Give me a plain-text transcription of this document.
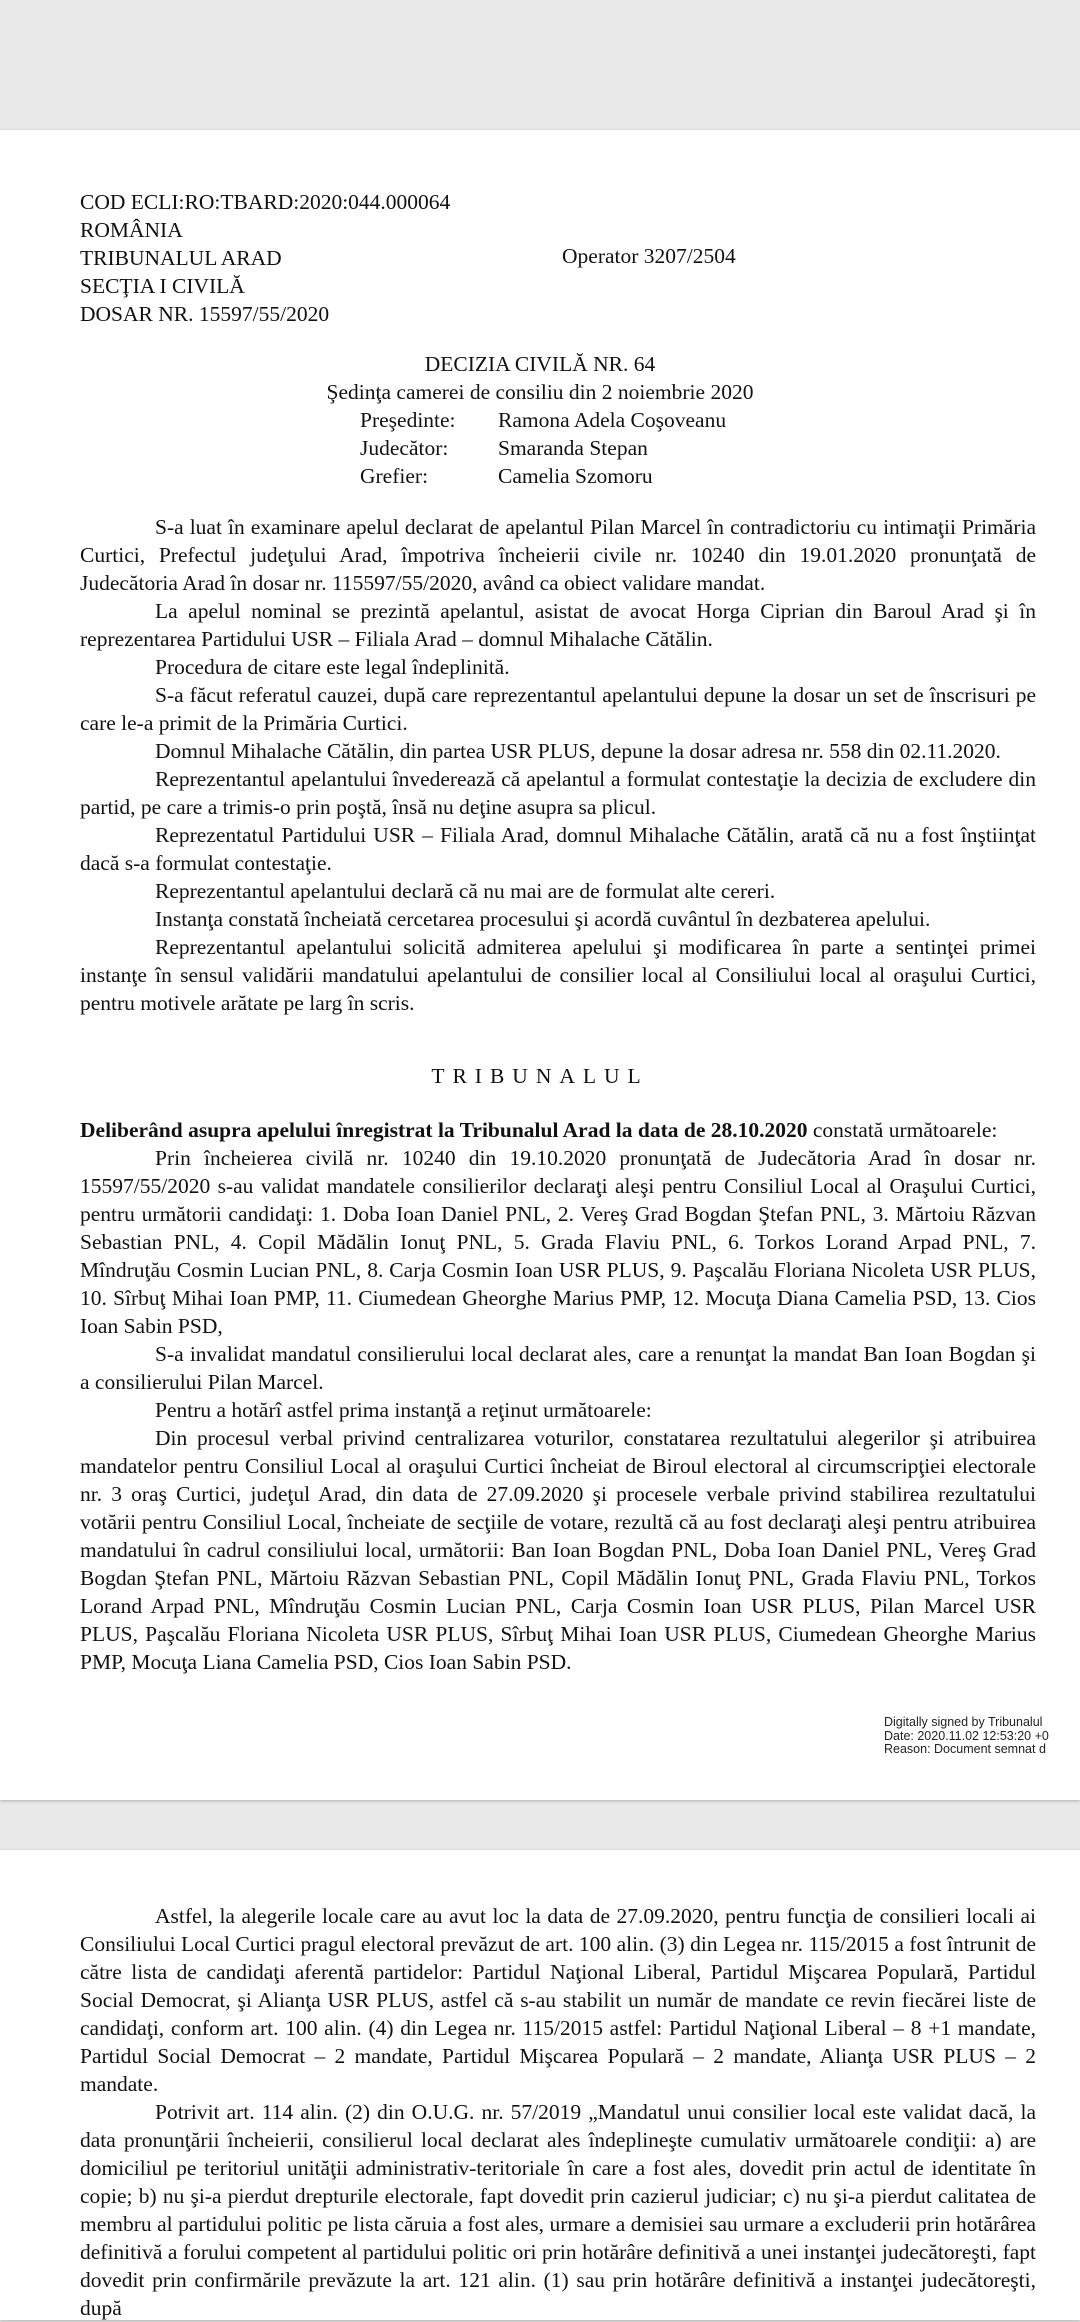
COD ECLI:RO:TBARD:2020:044.000064
ROMÂNIA
TRIBUNALUL ARAD
SECŢIA I CIVILĂ
DOSAR NR. 15597/55/2020
Operator 3207/2504
DECIZIA CIVILĂ NR. 64
Şedinţa camerei de consiliu din 2 noiembrie 2020
Preşedinte:	Ramona Adela Coşoveanu
Judecător:	Smaranda Stepan
Grefier:	Camelia Szomoru

S-a luat în examinare apelul declarat de apelantul Pilan Marcel în contradictoriu cu intimaţii Primăria Curtici, Prefectul judeţului Arad, împotriva încheierii civile nr. 10240 din 19.01.2020 pronunţată de Judecătoria Arad în dosar nr. 115597/55/2020, având ca obiect validare mandat.

La apelul nominal se prezintă apelantul, asistat de avocat Horga Ciprian din Baroul Arad şi în reprezentarea Partidului USR – Filiala Arad – domnul Mihalache Cătălin.

Procedura de citare este legal îndeplinită.

S-a făcut referatul cauzei, după care reprezentantul apelantului depune la dosar un set de înscrisuri pe care le-a primit de la Primăria Curtici.

Domnul Mihalache Cătălin, din partea USR PLUS, depune la dosar adresa nr. 558 din 02.11.2020.

Reprezentantul apelantului învederează că apelantul a formulat contestaţie la decizia de excludere din partid, pe care a trimis-o prin poştă, însă nu deţine asupra sa plicul.

Reprezentatul Partidului USR – Filiala Arad, domnul Mihalache Cătălin, arată că nu a fost înştiinţat dacă s-a formulat contestaţie.

Reprezentantul apelantului declară că nu mai are de formulat alte cereri.

Instanţa constată încheiată cercetarea procesului şi acordă cuvântul în dezbaterea apelului.

Reprezentantul apelantului solicită admiterea apelului şi modificarea în parte a sentinţei primei instanţe în sensul validării mandatului apelantului de consilier local al Consiliului local al oraşului Curtici, pentru motivele arătate pe larg în scris.

TRIBUNALUL

Deliberând asupra apelului înregistrat la Tribunalul Arad la data de 28.10.2020 constată următoarele:

Prin încheierea civilă nr. 10240 din 19.10.2020 pronunţată de Judecătoria Arad în dosar nr. 15597/55/2020 s-au validat mandatele consilierilor declaraţi aleşi pentru Consiliul Local al Oraşului Curtici, pentru următorii candidaţi: 1. Doba Ioan Daniel PNL, 2. Vereş Grad Bogdan Ştefan PNL, 3. Mărtoiu Răzvan Sebastian PNL, 4. Copil Mădălin Ionuţ PNL, 5. Grada Flaviu PNL, 6. Torkos Lorand Arpad PNL, 7. Mîndruţău Cosmin Lucian PNL, 8. Carja Cosmin Ioan USR PLUS, 9. Paşcalău Floriana Nicoleta USR PLUS, 10. Sîrbuţ Mihai Ioan PMP, 11. Ciumedean Gheorghe Marius PMP, 12. Mocuţa Diana Camelia PSD, 13. Cios Ioan Sabin PSD,

S-a invalidat mandatul consilierului local declarat ales, care a renunţat la mandat Ban Ioan Bogdan şi a consilierului Pilan Marcel.

Pentru a hotărî astfel prima instanţă a reţinut următoarele:

Din procesul verbal privind centralizarea voturilor, constatarea rezultatului alegerilor şi atribuirea mandatelor pentru Consiliul Local al oraşului Curtici încheiat de Biroul electoral al circumscripţiei electorale nr. 3 oraş Curtici, judeţul Arad, din data de 27.09.2020 şi procesele verbale privind stabilirea rezultatului votării pentru Consiliul Local, încheiate de secţiile de votare, rezultă că au fost declaraţi aleşi pentru atribuirea mandatului în cadrul consiliului local, următorii: Ban Ioan Bogdan PNL, Doba Ioan Daniel PNL, Vereş Grad Bogdan Ştefan PNL, Mărtoiu Răzvan Sebastian PNL, Copil Mădălin Ionuţ PNL, Grada Flaviu PNL, Torkos Lorand Arpad PNL, Mîndruţău Cosmin Lucian PNL, Carja Cosmin Ioan USR PLUS, Pilan Marcel USR PLUS, Paşcalău Floriana Nicoleta USR PLUS, Sîrbuţ Mihai Ioan USR PLUS, Ciumedean Gheorghe Marius PMP, Mocuţa Liana Camelia PSD, Cios Ioan Sabin PSD.

Digitally signed by Tribunalul
Date: 2020.11.02 12:53:20 +0
Reason: Document semnat d

Astfel, la alegerile locale care au avut loc la data de 27.09.2020, pentru funcţia de consilieri locali ai Consiliului Local Curtici pragul electoral prevăzut de art. 100 alin. (3) din Legea nr. 115/2015 a fost întrunit de către lista de candidaţi aferentă partidelor: Partidul Naţional Liberal, Partidul Mişcarea Populară, Partidul Social Democrat, şi Alianţa USR PLUS, astfel că s-au stabilit un număr de mandate ce revin fiecărei liste de candidaţi, conform art. 100 alin. (4) din Legea nr. 115/2015 astfel: Partidul Naţional Liberal – 8 +1 mandate, Partidul Social Democrat – 2 mandate, Partidul Mişcarea Populară – 2 mandate, Alianţa USR PLUS – 2 mandate.

Potrivit art. 114 alin. (2) din O.U.G. nr. 57/2019 „Mandatul unui consilier local este validat dacă, la data pronunţării încheierii, consilierul local declarat ales îndeplineşte cumulativ următoarele condiţii: a) are domiciliul pe teritoriul unităţii administrativ-teritoriale în care a fost ales, dovedit prin actul de identitate în copie; b) nu şi-a pierdut drepturile electorale, fapt dovedit prin cazierul judiciar; c) nu şi-a pierdut calitatea de membru al partidului politic pe lista căruia a fost ales, urmare a demisiei sau urmare a excluderii prin hotărârea definitivă a forului competent al partidului politic ori prin hotărâre definitivă a unei instanţei judecătoreşti, fapt dovedit prin confirmările prevăzute la art. 121 alin. (1) sau prin hotărâre definitivă a instanţei judecătoreşti, după
